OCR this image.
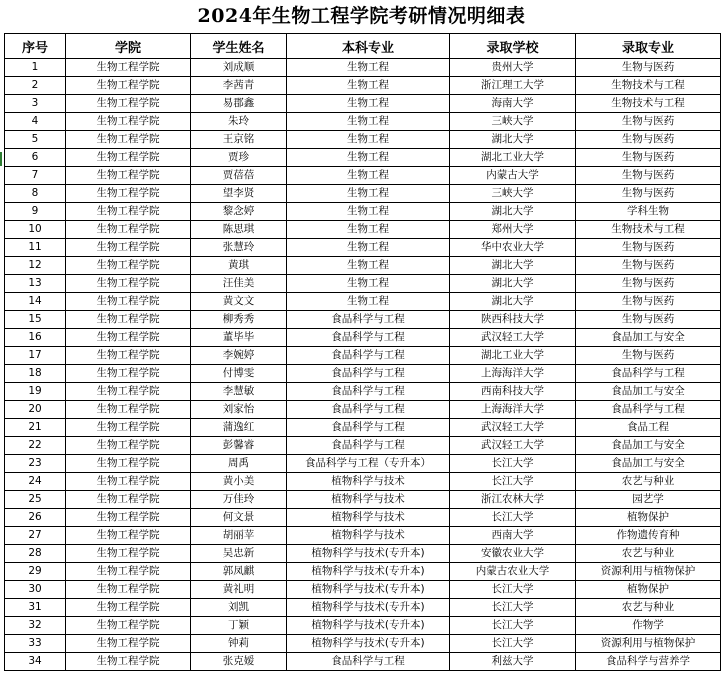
2024年生物工程学院考研情况明细表
序号	学院	学生姓名	本科专业	录取学校	录取专业
1	生物工程学院	刘成顺	生物工程	贵州大学	生物与医药
2	生物工程学院	李茜青	生物工程	浙江理工大学	生物技术与工程
3	生物工程学院	易郡鑫	生物工程	海南大学	生物技术与工程
4	生物工程学院	朱玲	生物工程	三峡大学	生物与医药
5	生物工程学院	王京铭	生物工程	湖北大学	生物与医药
6	生物工程学院	贾珍	生物工程	湖北工业大学	生物与医药
7	生物工程学院	贾蓓蓓	生物工程	内蒙古大学	生物与医药
8	生物工程学院	望李贤	生物工程	三峡大学	生物与医药
9	生物工程学院	黎念婷	生物工程	湖北大学	学科生物
10	生物工程学院	陈思琪	生物工程	郑州大学	生物技术与工程
11	生物工程学院	张慧玲	生物工程	华中农业大学	生物与医药
12	生物工程学院	黄琪	生物工程	湖北大学	生物与医药
13	生物工程学院	汪佳美	生物工程	湖北大学	生物与医药
14	生物工程学院	黄文文	生物工程	湖北大学	生物与医药
15	生物工程学院	柳秀秀	食品科学与工程	陕西科技大学	生物与医药
16	生物工程学院	董毕毕	食品科学与工程	武汉轻工大学	食品加工与安全
17	生物工程学院	李婉婷	食品科学与工程	湖北工业大学	生物与医药
18	生物工程学院	付博雯	食品科学与工程	上海海洋大学	食品科学与工程
19	生物工程学院	李慧敏	食品科学与工程	西南科技大学	食品加工与安全
20	生物工程学院	刘家怡	食品科学与工程	上海海洋大学	食品科学与工程
21	生物工程学院	蒲逸红	食品科学与工程	武汉轻工大学	食品工程
22	生物工程学院	彭馨睿	食品科学与工程	武汉轻工大学	食品加工与安全
23	生物工程学院	周禹	食品科学与工程（专升本）	长江大学	食品加工与安全
24	生物工程学院	黄小美	植物科学与技术	长江大学	农艺与种业
25	生物工程学院	万佳玲	植物科学与技术	浙江农林大学	园艺学
26	生物工程学院	何文景	植物科学与技术	长江大学	植物保护
27	生物工程学院	胡丽苹	植物科学与技术	西南大学	作物遗传育种
28	生物工程学院	吴忠新	植物科学与技术(专升本)	安徽农业大学	农艺与种业
29	生物工程学院	郭凤麒	植物科学与技术(专升本)	内蒙古农业大学	资源利用与植物保护
30	生物工程学院	黄礼明	植物科学与技术(专升本)	长江大学	植物保护
31	生物工程学院	刘凯	植物科学与技术(专升本)	长江大学	农艺与种业
32	生物工程学院	丁颖	植物科学与技术(专升本)	长江大学	作物学
33	生物工程学院	钟莉	植物科学与技术(专升本)	长江大学	资源利用与植物保护
34	生物工程学院	张克嫒	食品科学与工程	利兹大学	食品科学与营养学
